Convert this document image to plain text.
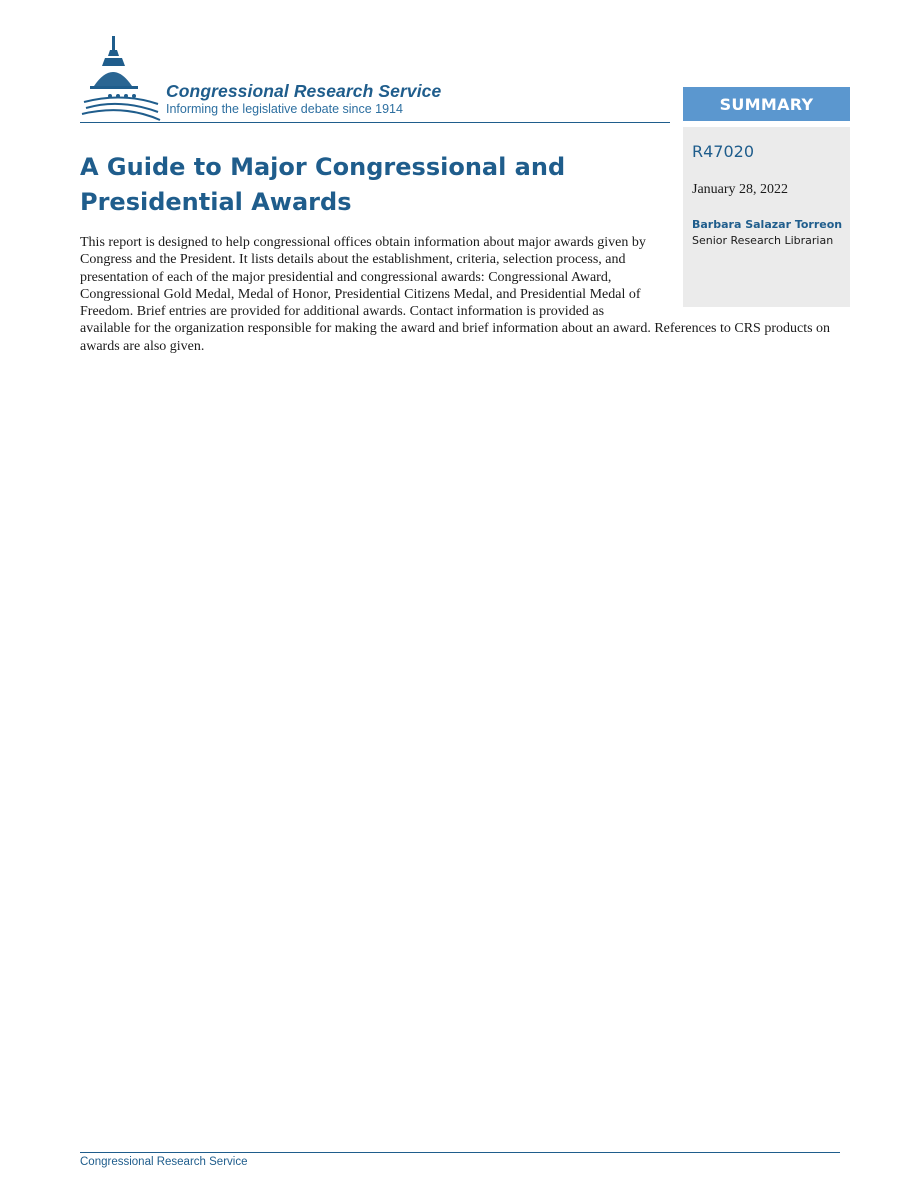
Congressional Research Service
Informing the legislative debate since 1914	SUMMARY
R47020
January 28, 2022
Barbara Salazar Torreon
Senior Research Librarian
A Guide to Major Congressional and Presidential Awards
This report is designed to help congressional offices obtain information about major awards given by Congress and the President. It lists details about the establishment, criteria, selection process, and presentation of each of the major presidential and congressional awards: Congressional Award, Congressional Gold Medal, Medal of Honor, Presidential Citizens Medal, and Presidential Medal of Freedom. Brief entries are provided for additional awards. Contact information is provided as available for the organization responsible for making the award and brief information about an award. References to CRS products on awards are also given.
Congressional Research Service
